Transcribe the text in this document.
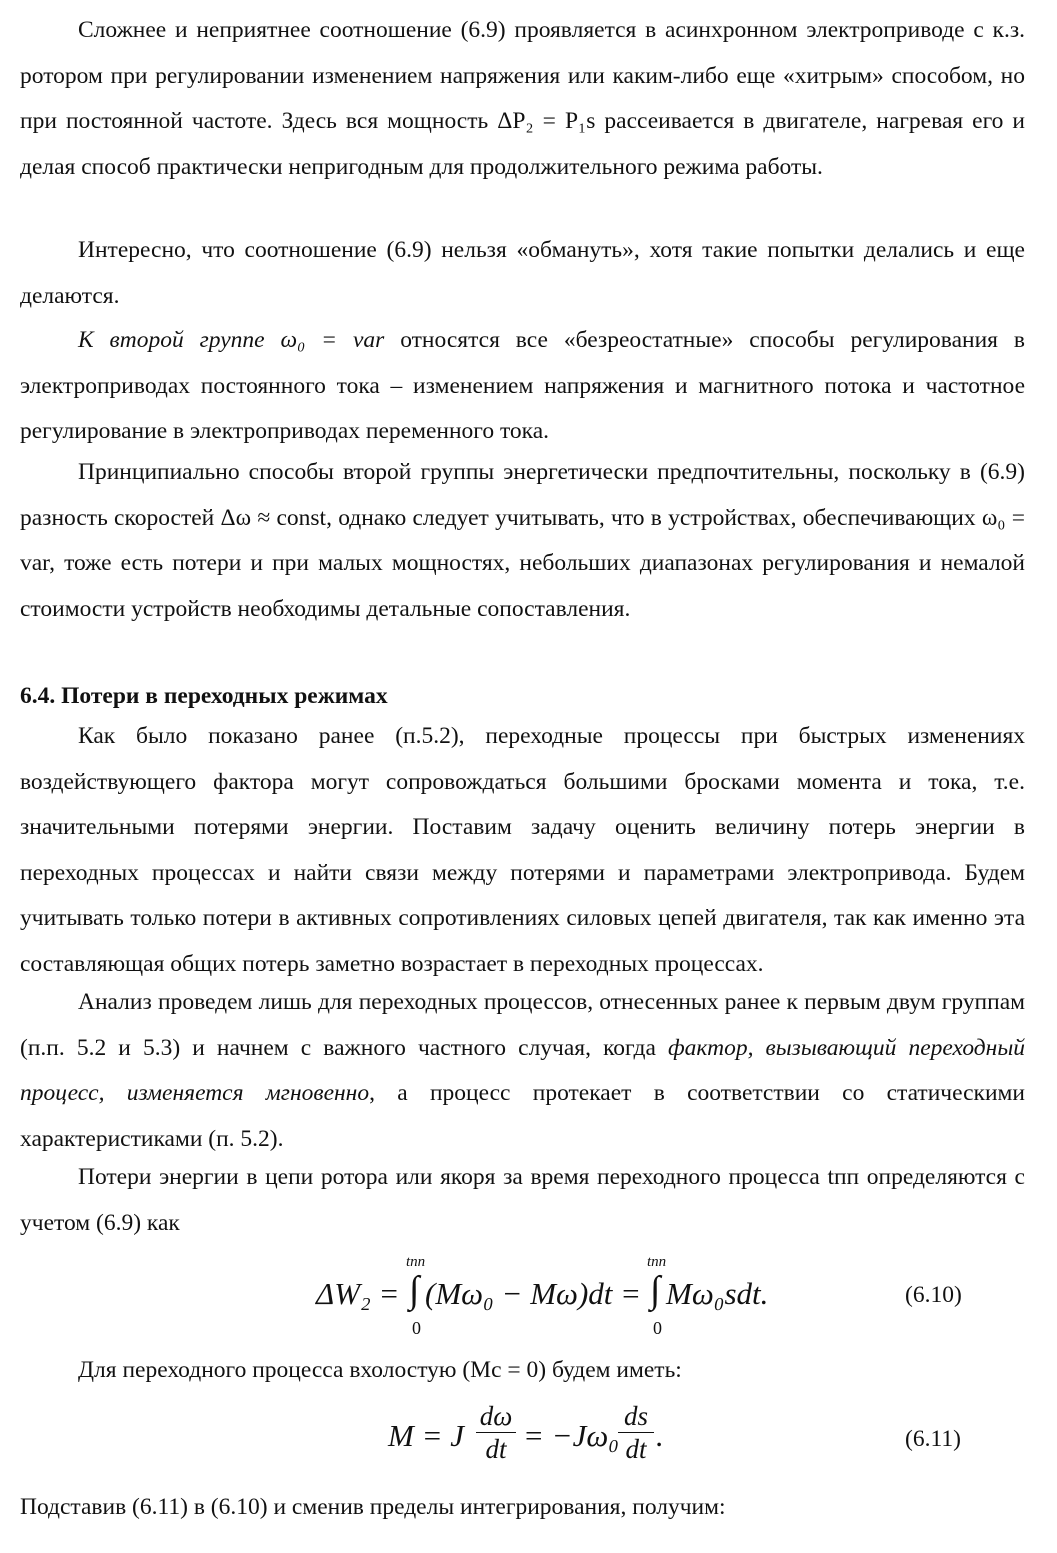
Сложнее и неприятнее соотношение (6.9) проявляется в асинхронном электроприводе с к.з. ротором при регулировании изменением напряжения или каким-либо еще «хитрым» способом, но при постоянной частоте. Здесь вся мощность ΔP₂ = P₁s рассеивается в двигателе, нагревая его и делая способ практически непригодным для продолжительного режима работы.

Интересно, что соотношение (6.9) нельзя «обмануть», хотя такие попытки делались и еще делаются.

К второй группе ω₀ = var относятся все «безреостатные» способы регулирования в электроприводах постоянного тока – изменением напряжения и магнитного потока и частотное регулирование в электроприводах переменного тока.

Принципиально способы второй группы энергетически предпочтительны, поскольку в (6.9) разность скоростей Δω ≈ const, однако следует учитывать, что в устройствах, обеспечивающих ω₀ = var, тоже есть потери и при малых мощностях, небольших диапазонах регулирования и немалой стоимости устройств необходимы детальные сопоставления.

6.4. Потери в переходных режимах

Как было показано ранее (п.5.2), переходные процессы при быстрых изменениях воздействующего фактора могут сопровождаться большими бросками момента и тока, т.е. значительными потерями энергии. Поставим задачу оценить величину потерь энергии в переходных процессах и найти связи между потерями и параметрами электропривода. Будем учитывать только потери в активных сопротивлениях силовых цепей двигателя, так как именно эта составляющая общих потерь заметно возрастает в переходных процессах.

Анализ проведем лишь для переходных процессов, отнесенных ранее к первым двум группам (п.п. 5.2 и 5.3) и начнем с важного частного случая, когда фактор, вызывающий переходный процесс, изменяется мгновенно, а процесс протекает в соответствии со статическими характеристиками (п. 5.2).

Потери энергии в цепи ротора или якоря за время переходного процесса tпп определяются с учетом (6.9) как

ΔW₂ =
tпп
∫
0
(Mω₀ − Mω)dt =
tпп
∫
0
Mω₀sdt.	(6.10)

Для переходного процесса вхолостую (Mc = 0) будем иметь:

M = J $\frac{d\omega}{dt} = -J\omega_0$
$\frac{ds}{dt}$ .	(6.11)

Подставив (6.11) в (6.10) и сменив пределы интегрирования, получим:
